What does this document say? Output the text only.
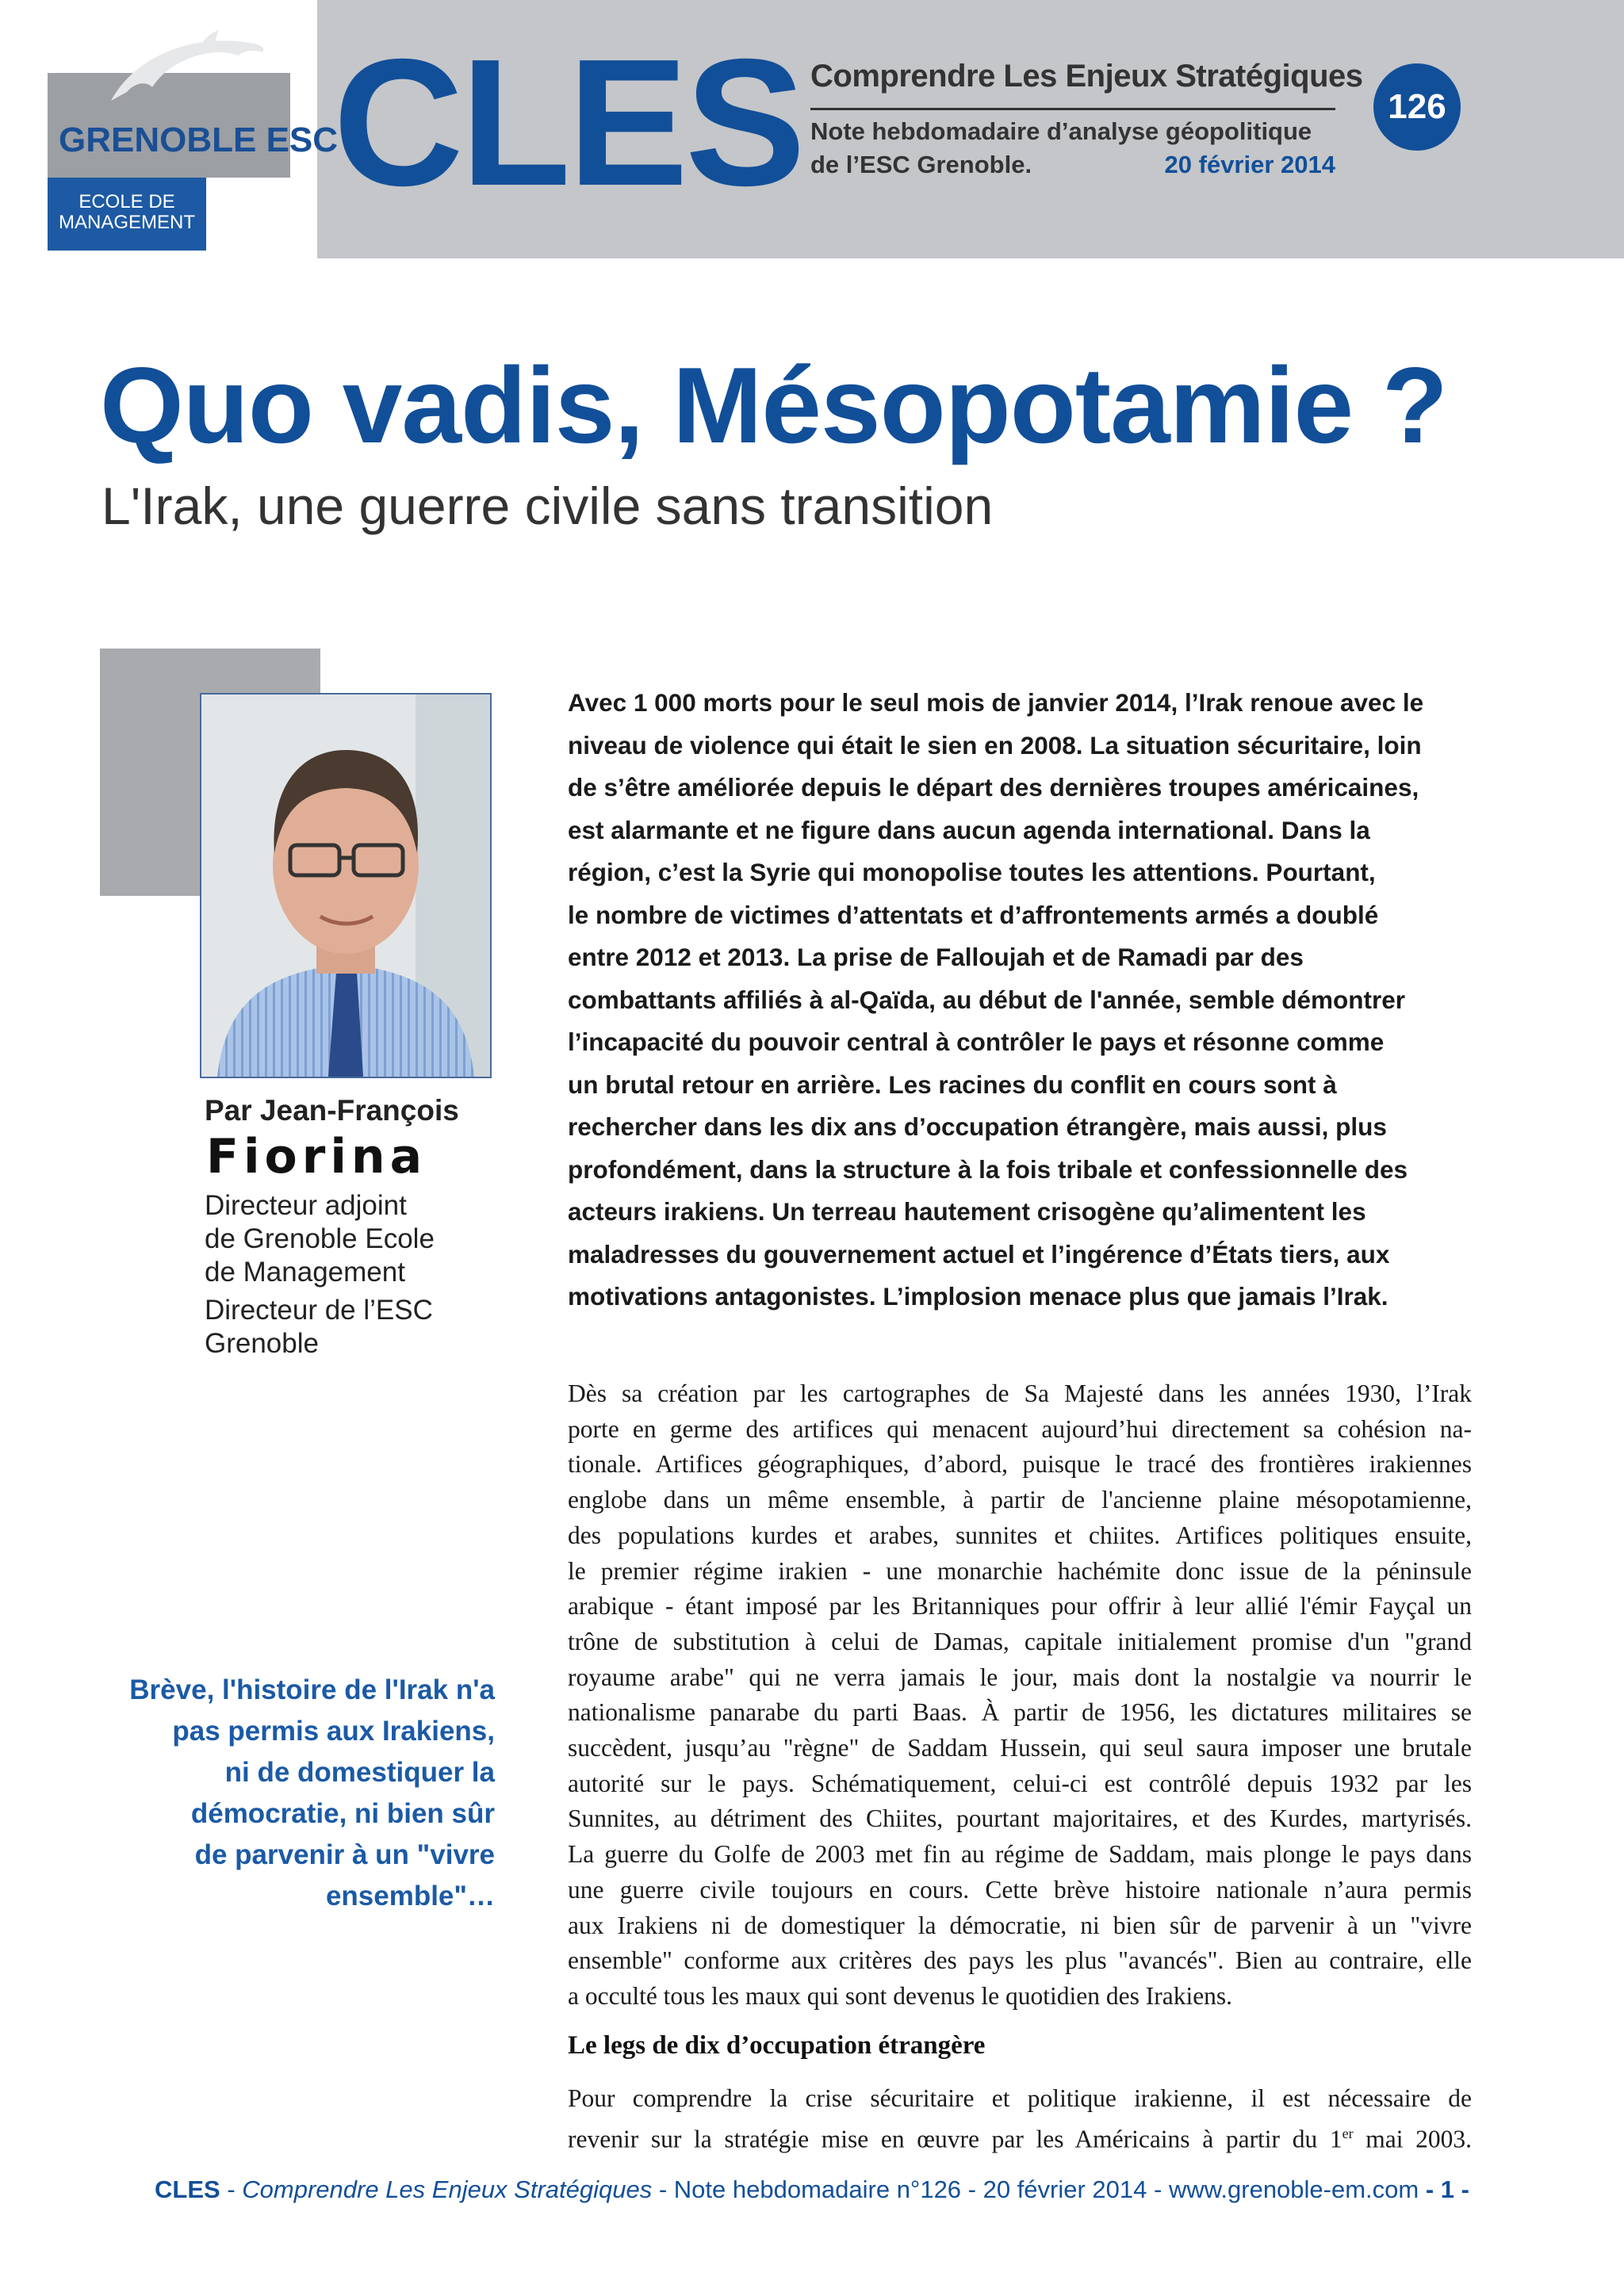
GRENOBLE ESC
ECOLE DE
MANAGEMENT CLES Comprendre Les Enjeux Stratégiques
Note hebdomadaire d’analyse géopolitique
de l’ESC Grenoble.	20 février 2014
126
Quo vadis, Mésopotamie ?
L'Irak, une guerre civile sans transition
Par Jean-François
Fiorina
Directeur adjoint
de Grenoble Ecole
de Management
Directeur de l’ESC
Grenoble
Avec 1 000 morts pour le seul mois de janvier 2014, l’Irak renoue avec le
niveau de violence qui était le sien en 2008. La situation sécuritaire, loin
de s’être améliorée depuis le départ des dernières troupes américaines,
est alarmante et ne figure dans aucun agenda international. Dans la
région, c’est la Syrie qui monopolise toutes les attentions. Pourtant,
le nombre de victimes d’attentats et d’affrontements armés a doublé
entre 2012 et 2013. La prise de Falloujah et de Ramadi par des
combattants affiliés à al-Qaïda, au début de l'année, semble démontrer
l’incapacité du pouvoir central à contrôler le pays et résonne comme
un brutal retour en arrière. Les racines du conflit en cours sont à
rechercher dans les dix ans d’occupation étrangère, mais aussi, plus
profondément, dans la structure à la fois tribale et confessionnelle des
acteurs irakiens. Un terreau hautement crisogène qu’alimentent les
maladresses du gouvernement actuel et l’ingérence d’États tiers, aux
motivations antagonistes. L’implosion menace plus que jamais l’Irak.
Dès sa création par les cartographes de Sa Majesté dans les années 1930, l’Irak
porte en germe des artifices qui menacent aujourd’hui directement sa cohésion na-
tionale. Artifices géographiques, d’abord, puisque le tracé des frontières irakiennes
englobe dans un même ensemble, à partir de l'ancienne plaine mésopotamienne,
des populations kurdes et arabes, sunnites et chiites. Artifices politiques ensuite,
le premier régime irakien - une monarchie hachémite donc issue de la péninsule
arabique - étant imposé par les Britanniques pour offrir à leur allié l'émir Fayçal un
trône de substitution à celui de Damas, capitale initialement promise d'un "grand
royaume arabe" qui ne verra jamais le jour, mais dont la nostalgie va nourrir le
nationalisme panarabe du parti Baas. À partir de 1956, les dictatures militaires se
succèdent, jusqu’au "règne" de Saddam Hussein, qui seul saura imposer une brutale
autorité sur le pays. Schématiquement, celui-ci est contrôlé depuis 1932 par les
Sunnites, au détriment des Chiites, pourtant majoritaires, et des Kurdes, martyrisés.
La guerre du Golfe de 2003 met fin au régime de Saddam, mais plonge le pays dans
une guerre civile toujours en cours. Cette brève histoire nationale n’aura permis
aux Irakiens ni de domestiquer la démocratie, ni bien sûr de parvenir à un "vivre
ensemble" conforme aux critères des pays les plus "avancés". Bien au contraire, elle
a occulté tous les maux qui sont devenus le quotidien des Irakiens.
Le legs de dix d’occupation étrangère
Pour comprendre la crise sécuritaire et politique irakienne, il est nécessaire de
revenir sur la stratégie mise en œuvre par les Américains à partir du 1er mai 2003.
Brève, l'histoire de l'Irak n'a
pas permis aux Irakiens,
ni de domestiquer la
démocratie, ni bien sûr
de parvenir à un "vivre
ensemble"…
CLES - Comprendre Les Enjeux Stratégiques - Note hebdomadaire n°126 - 20 février 2014 - www.grenoble-em.com - 1 -
